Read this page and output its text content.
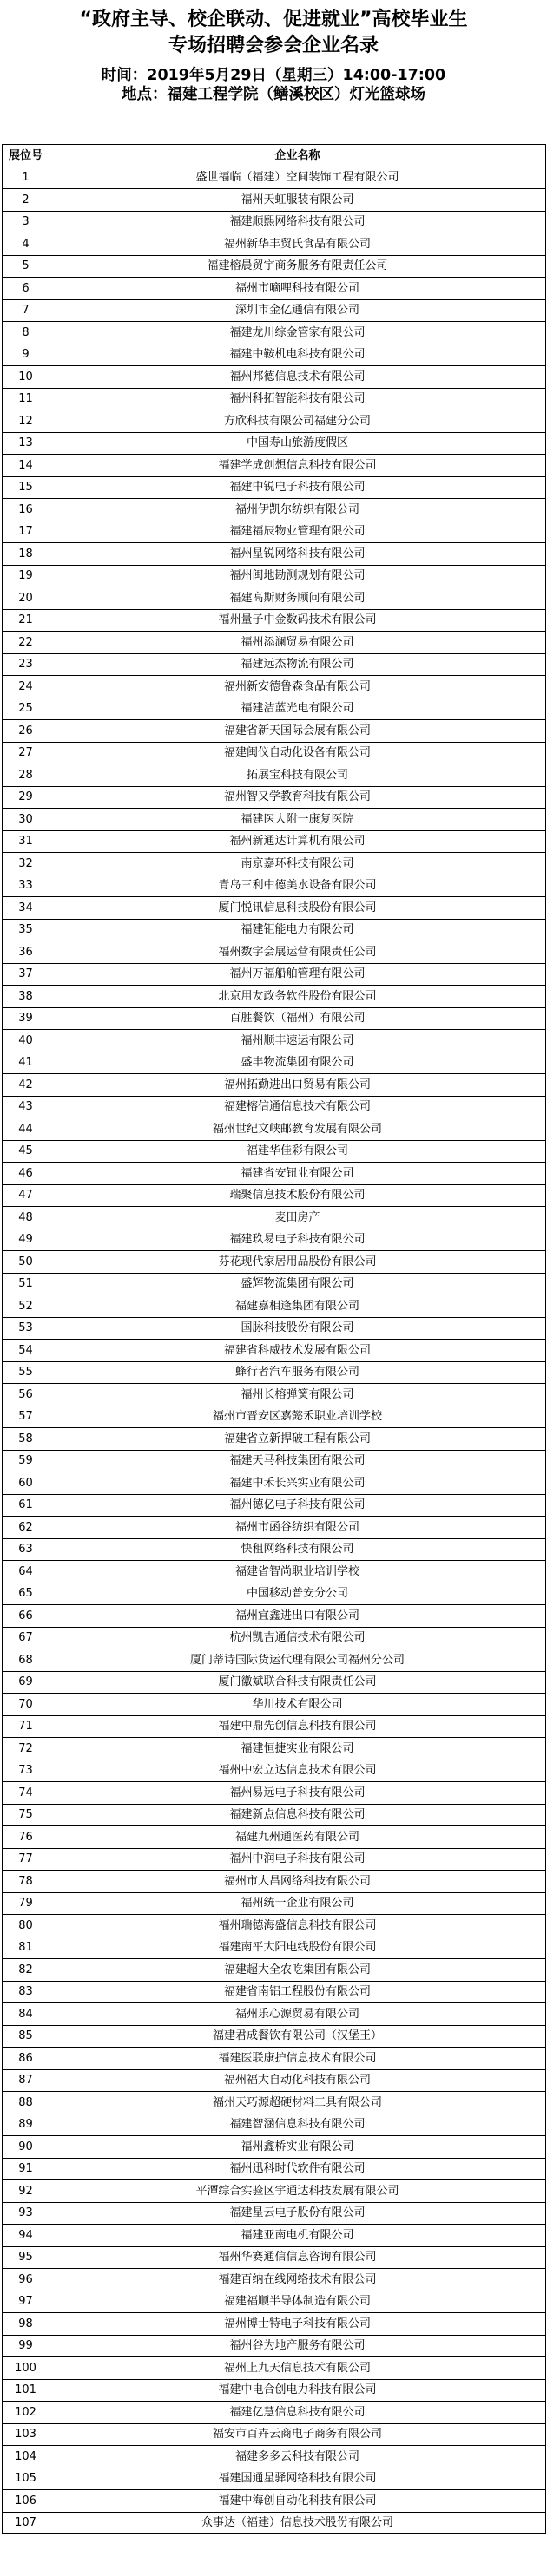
“政府主导、校企联动、促进就业”高校毕业生
专场招聘会参会企业名录
时间：2019年5月29日（星期三）14:00-17:00
地点：福建工程学院（鳝溪校区）灯光篮球场
展位号	企业名称
1	盛世福临（福建）空间装饰工程有限公司
2	福州天虹服装有限公司
3	福建顺熙网络科技有限公司
4	福州新华丰贸氏食品有限公司
5	福建榕晨贸宇商务服务有限责任公司
6	福州市嘀哩科技有限公司
7	深圳市金亿通信有限公司
8	福建龙川综金管家有限公司
9	福建中鞍机电科技有限公司
10	福州邦德信息技术有限公司
11	福州科拓智能科技有限公司
12	方欣科技有限公司福建分公司
13	中国寿山旅游度假区
14	福建学成创想信息科技有限公司
15	福建中锐电子科技有限公司
16	福州伊凯尔纺织有限公司
17	福建福辰物业管理有限公司
18	福州星锐网络科技有限公司
19	福州闽地勘测规划有限公司
20	福建高斯财务顾问有限公司
21	福州量子中金数码技术有限公司
22	福州添澜贸易有限公司
23	福建远杰物流有限公司
24	福州新安德鲁森食品有限公司
25	福建洁蓝光电有限公司
26	福建省新天国际会展有限公司
27	福建闽仪自动化设备有限公司
28	拓展宝科技有限公司
29	福州智又学教育科技有限公司
30	福建医大附一康复医院
31	福州新通达计算机有限公司
32	南京嘉环科技有限公司
33	青岛三利中德美水设备有限公司
34	厦门悦讯信息科技股份有限公司
35	福建钜能电力有限公司
36	福州数字会展运营有限责任公司
37	福州万福船舶管理有限公司
38	北京用友政务软件股份有限公司
39	百胜餐饮（福州）有限公司
40	福州顺丰速运有限公司
41	盛丰物流集团有限公司
42	福州拓勤进出口贸易有限公司
43	福建榕信通信息技术有限公司
44	福州世纪文峡邮教育发展有限公司
45	福建华佳彩有限公司
46	福建省安钮业有限公司
47	瑞聚信息技术股份有限公司
48	麦田房产
49	福建玖易电子科技有限公司
50	芬花现代家居用品股份有限公司
51	盛辉物流集团有限公司
52	福建嘉相逢集团有限公司
53	国脉科技股份有限公司
54	福建省科威技术发展有限公司
55	蜂行者汽车服务有限公司
56	福州长榕弹簧有限公司
57	福州市晋安区嘉懿禾职业培训学校
58	福建省立新捍破工程有限公司
59	福建天马科技集团有限公司
60	福建中禾长兴实业有限公司
61	福州德亿电子科技有限公司
62	福州市函谷纺织有限公司
63	快租网络科技有限公司
64	福建省智尚职业培训学校
65	中国移动普安分公司
66	福州宜鑫进出口有限公司
67	杭州凯吉通信技术有限公司
68	厦门蒂诗国际货运代理有限公司福州分公司
69	厦门徽斌联合科技有限责任公司
70	华川技术有限公司
71	福建中鼎先创信息科技有限公司
72	福建恒捷实业有限公司
73	福州中宏立达信息技术有限公司
74	福州易远电子科技有限公司
75	福建新点信息科技有限公司
76	福建九州通医药有限公司
77	福州中润电子科技有限公司
78	福州市大昌网络科技有限公司
79	福州统一企业有限公司
80	福州瑞德海盛信息科技有限公司
81	福建南平大阳电线股份有限公司
82	福建超大全农吃集团有限公司
83	福建省南铝工程股份有限公司
84	福州乐心源贸易有限公司
85	福建君成餐饮有限公司（汉堡王）
86	福建医联康护信息技术有限公司
87	福州福大自动化科技有限公司
88	福州天巧源超硬材料工具有限公司
89	福建智涵信息科技有限公司
90	福州鑫桥实业有限公司
91	福州迅科时代软件有限公司
92	平潭综合实验区宇通达科技发展有限公司
93	福建星云电子股份有限公司
94	福建亚南电机有限公司
95	福州华赛通信信息咨询有限公司
96	福建百纳在线网络技术有限公司
97	福建福顺半导体制造有限公司
98	福州博士特电子科技有限公司
99	福州谷为地产服务有限公司
100	福州上九天信息技术有限公司
101	福建中电合创电力科技有限公司
102	福建亿慧信息科技有限公司
103	福安市百卉云商电子商务有限公司
104	福建多多云科技有限公司
105	福建国通星驿网络科技有限公司
106	福建中海创自动化科技有限公司
107	众事达（福建）信息技术股份有限公司
